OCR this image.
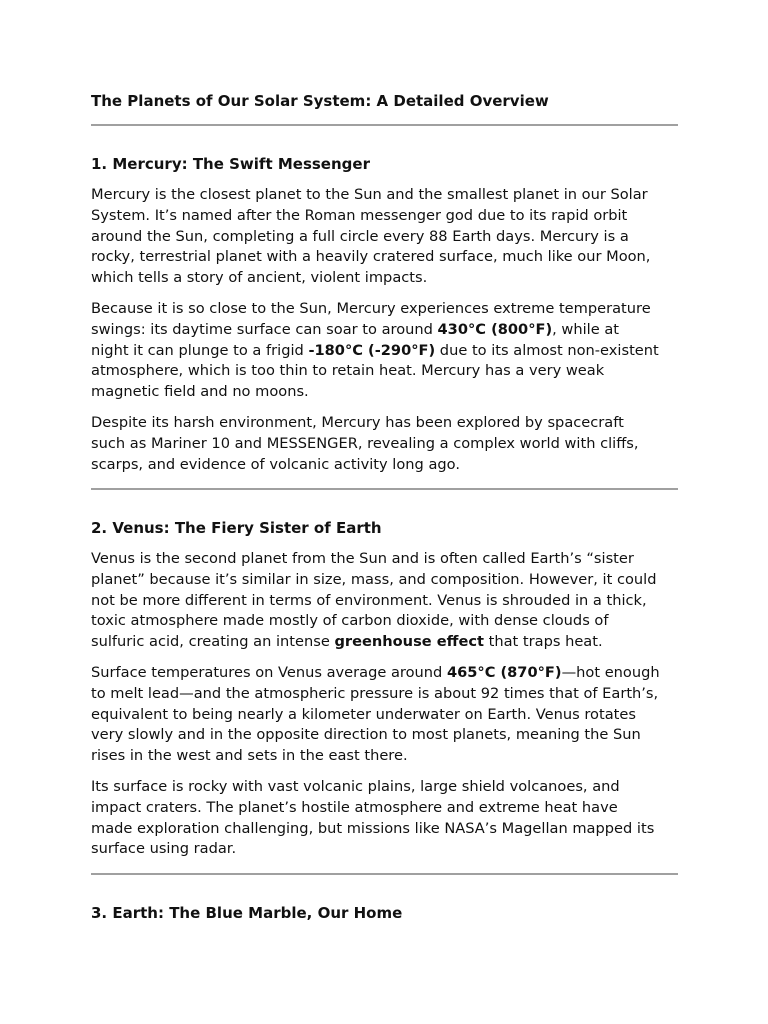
The Planets of Our Solar System: A Detailed Overview
1. Mercury: The Swift Messenger

Mercury is the closest planet to the Sun and the smallest planet in our Solar
System. It’s named after the Roman messenger god due to its rapid orbit
around the Sun, completing a full circle every 88 Earth days. Mercury is a
rocky, terrestrial planet with a heavily cratered surface, much like our Moon,
which tells a story of ancient, violent impacts.

Because it is so close to the Sun, Mercury experiences extreme temperature
swings: its daytime surface can soar to around 430°C (800°F), while at
night it can plunge to a frigid -180°C (-290°F) due to its almost non-existent
atmosphere, which is too thin to retain heat. Mercury has a very weak
magnetic field and no moons.

Despite its harsh environment, Mercury has been explored by spacecraft
such as Mariner 10 and MESSENGER, revealing a complex world with cliffs,
scarps, and evidence of volcanic activity long ago.

2. Venus: The Fiery Sister of Earth

Venus is the second planet from the Sun and is often called Earth’s “sister
planet” because it’s similar in size, mass, and composition. However, it could
not be more different in terms of environment. Venus is shrouded in a thick,
toxic atmosphere made mostly of carbon dioxide, with dense clouds of
sulfuric acid, creating an intense greenhouse effect that traps heat.

Surface temperatures on Venus average around 465°C (870°F)—hot enough
to melt lead—and the atmospheric pressure is about 92 times that of Earth’s,
equivalent to being nearly a kilometer underwater on Earth. Venus rotates
very slowly and in the opposite direction to most planets, meaning the Sun
rises in the west and sets in the east there.

Its surface is rocky with vast volcanic plains, large shield volcanoes, and
impact craters. The planet’s hostile atmosphere and extreme heat have
made exploration challenging, but missions like NASA’s Magellan mapped its
surface using radar.

3. Earth: The Blue Marble, Our Home
